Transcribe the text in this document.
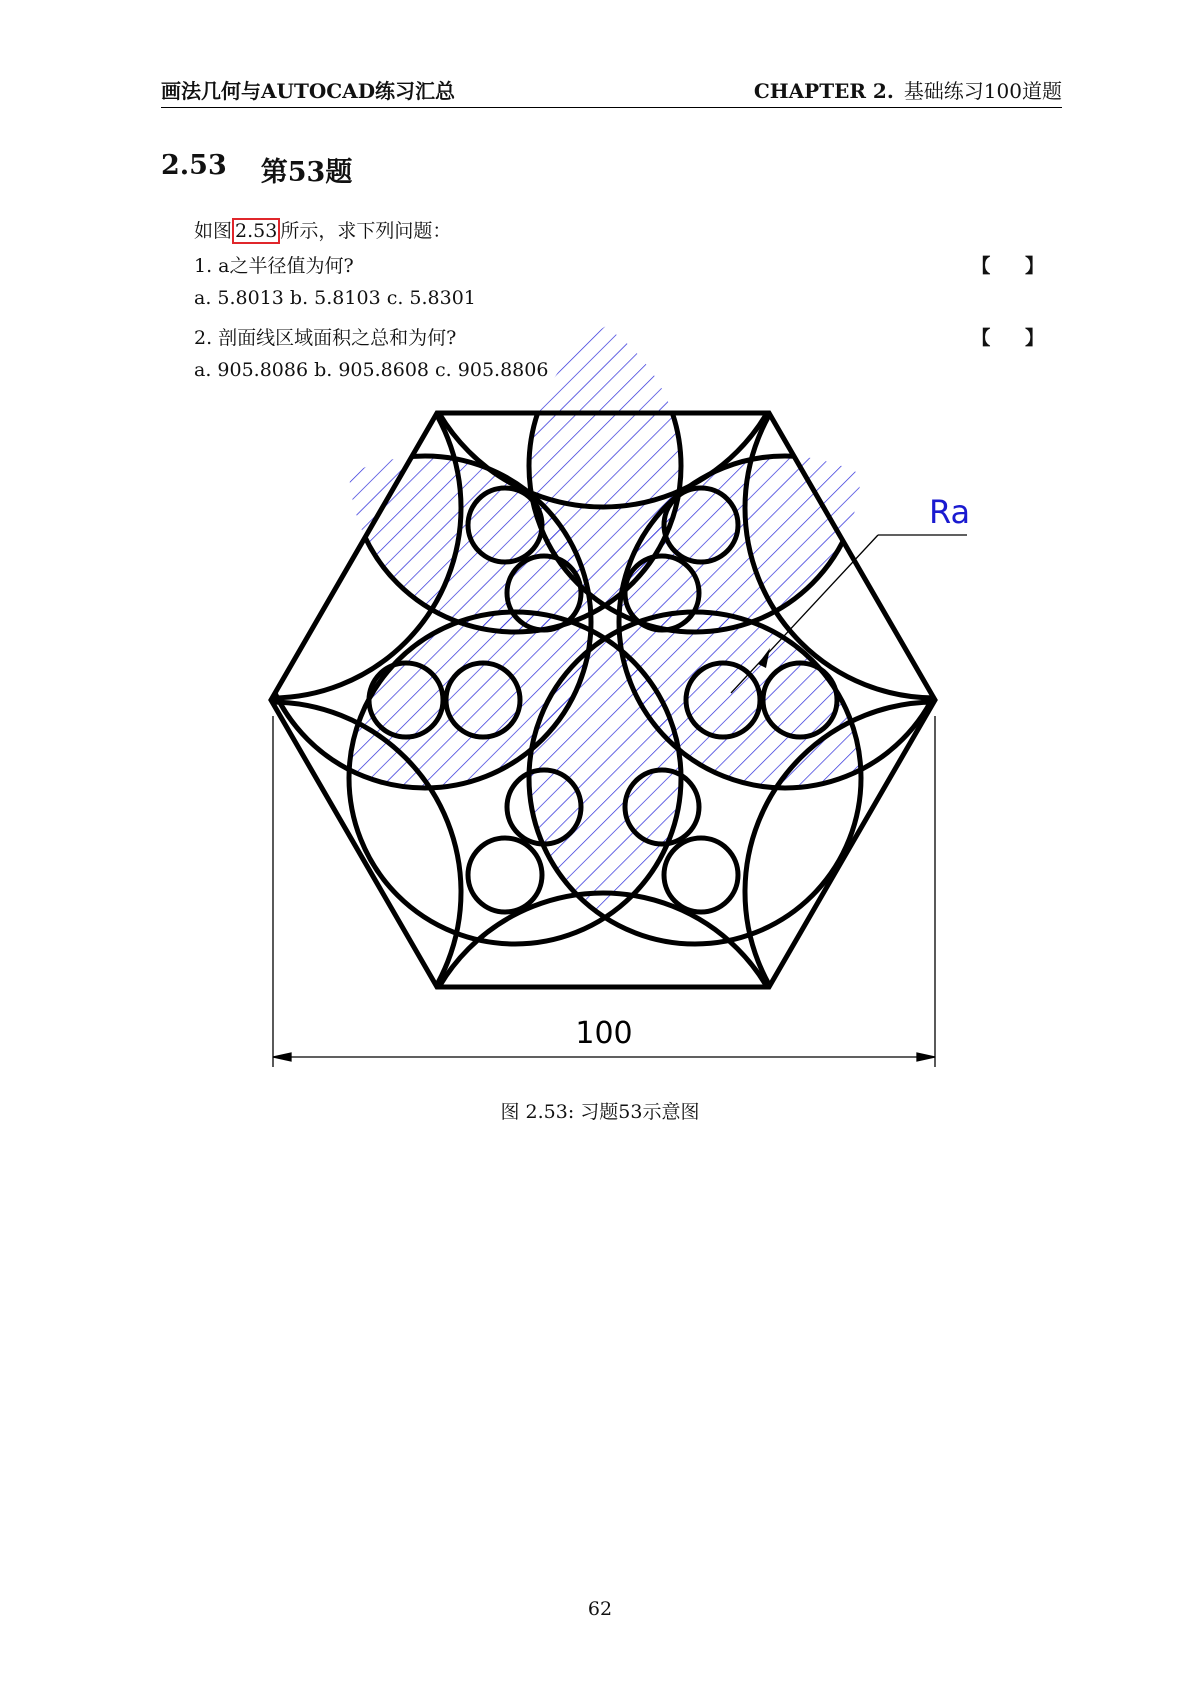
画法几何与AUTOCAD练习汇总	CHAPTER 2. 基础练习100道题
2.53 第53题
如图 2.53 所示，求下列问题：
1. a之半径值为何?	【 】
a. 5.8013 b. 5.8103 c. 5.8301
2. 剖面线区域面积之总和为何?	【 】
a. 905.8086 b. 905.8608 c. 905.8806
Ra
100
图 2.53: 习题53示意图
62
